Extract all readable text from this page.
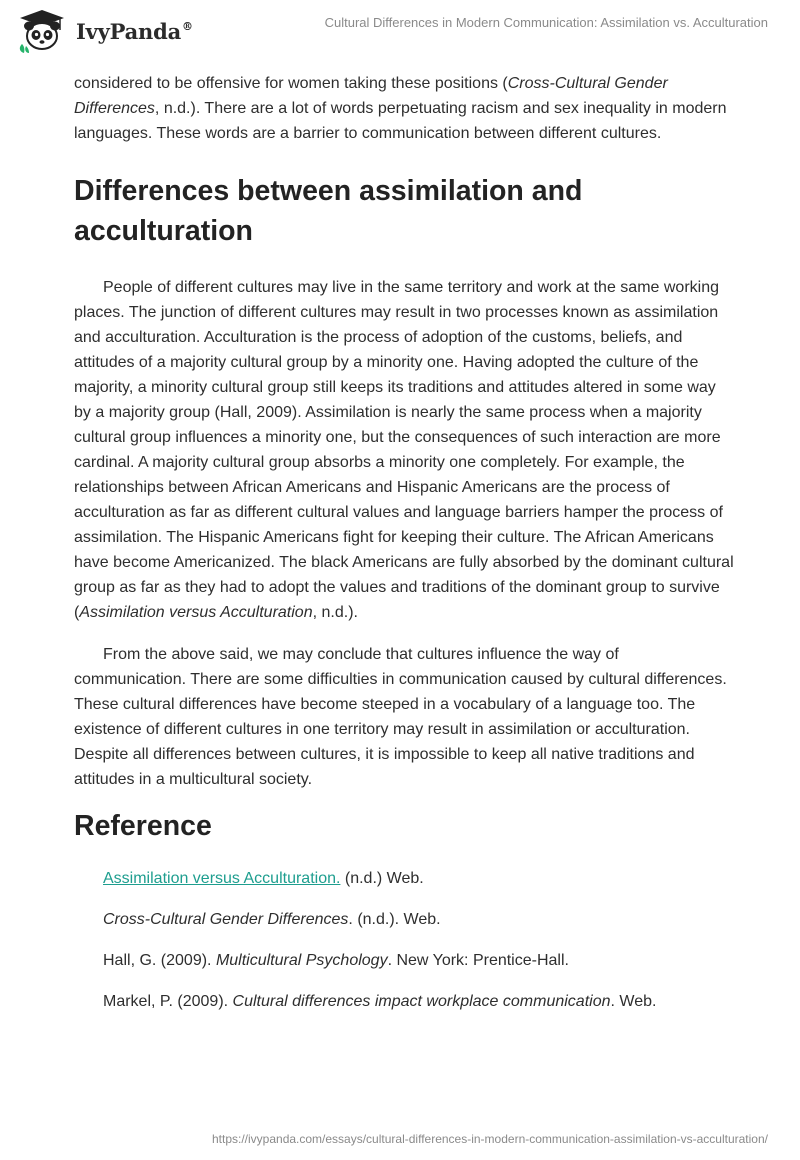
IvyPanda®	Cultural Differences in Modern Communication: Assimilation vs. Acculturation

considered to be offensive for women taking these positions (Cross-Cultural Gender Differences, n.d.). There are a lot of words perpetuating racism and sex inequality in modern languages. These words are a barrier to communication between different cultures.

Differences between assimilation and acculturation

People of different cultures may live in the same territory and work at the same working places. The junction of different cultures may result in two processes known as assimilation and acculturation. Acculturation is the process of adoption of the customs, beliefs, and attitudes of a majority cultural group by a minority one. Having adopted the culture of the majority, a minority cultural group still keeps its traditions and attitudes altered in some way by a majority group (Hall, 2009). Assimilation is nearly the same process when a majority cultural group influences a minority one, but the consequences of such interaction are more cardinal. A majority cultural group absorbs a minority one completely. For example, the relationships between African Americans and Hispanic Americans are the process of acculturation as far as different cultural values and language barriers hamper the process of assimilation. The Hispanic Americans fight for keeping their culture. The African Americans have become Americanized. The black Americans are fully absorbed by the dominant cultural group as far as they had to adopt the values and traditions of the dominant group to survive (Assimilation versus Acculturation, n.d.).

From the above said, we may conclude that cultures influence the way of communication. There are some difficulties in communication caused by cultural differences. These cultural differences have become steeped in a vocabulary of a language too. The existence of different cultures in one territory may result in assimilation or acculturation. Despite all differences between cultures, it is impossible to keep all native traditions and attitudes in a multicultural society.

Reference
Assimilation versus Acculturation. (n.d.) Web.
Cross-Cultural Gender Differences. (n.d.). Web.
Hall, G. (2009). Multicultural Psychology. New York: Prentice-Hall.
Markel, P. (2009). Cultural differences impact workplace communication. Web.
https://ivypanda.com/essays/cultural-differences-in-modern-communication-assimilation-vs-acculturation/
